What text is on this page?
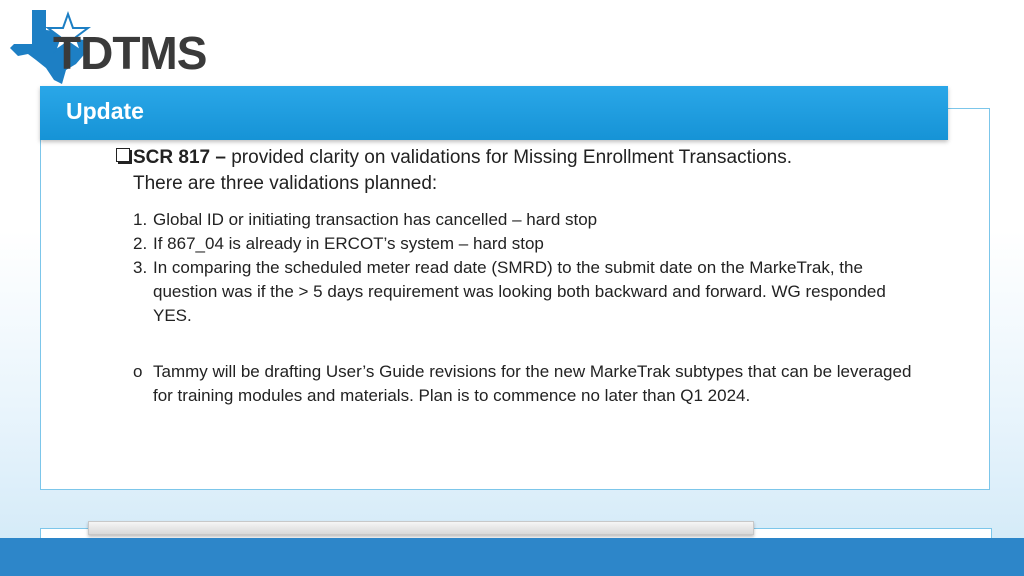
TDTMS
Update
SCR 817 – provided clarity on validations for Missing Enrollment Transactions.
There are three validations planned:
1. Global ID or initiating transaction has cancelled – hard stop
2. If 867_04 is already in ERCOT’s system – hard stop
3. In comparing the scheduled meter read date (SMRD) to the submit date on the MarkeTrak, the question was if the > 5 days requirement was looking both backward and forward. WG responded YES.
o Tammy will be drafting User’s Guide revisions for the new MarkeTrak subtypes that can be leveraged for training modules and materials. Plan is to commence no later than Q1 2024.
